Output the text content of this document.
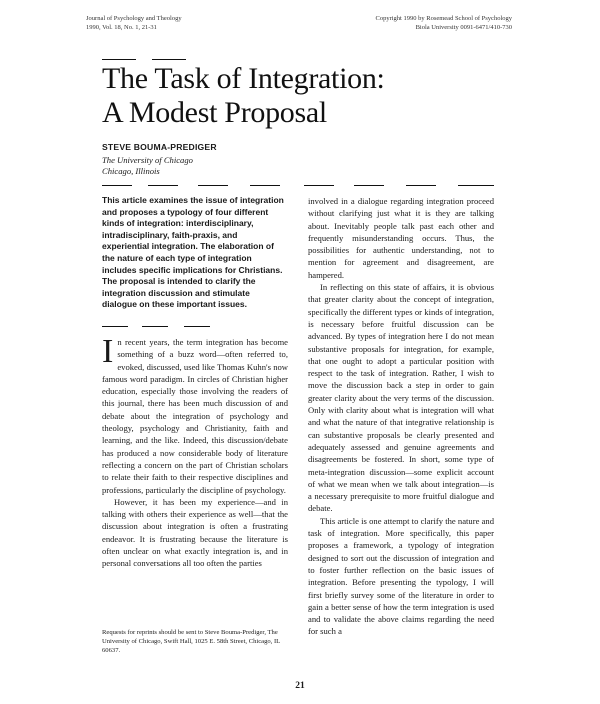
Journal of Psychology and Theology
1990, Vol. 18, No. 1, 21-31
Copyright 1990 by Rosemead School of Psychology
Biola University 0091-6471/410-730
The Task of Integration:
A Modest Proposal
STEVE BOUMA-PREDIGER
The University of Chicago
Chicago, Illinois
This article examines the issue of integration and proposes a typology of four different kinds of integration: interdisciplinary, intradisciplinary, faith-praxis, and experiential integration. The elaboration of the nature of each type of integration includes specific implications for Christians. The proposal is intended to clarify the integration discussion and stimulate dialogue on these important issues.

In recent years, the term integration has become something of a buzz word—often referred to, evoked, discussed, used like Thomas Kuhn's now famous word paradigm. In circles of Christian higher education, especially those involving the readers of this journal, there has been much discussion of and debate about the integration of psychology and theology, psychology and Christianity, faith and learning, and the like. Indeed, this discussion/debate has produced a now considerable body of literature reflecting a concern on the part of Christian scholars to relate their faith to their respective disciplines and professions, particularly the discipline of psychology.

However, it has been my experience—and in talking with others their experience as well—that the discussion about integration is often a frustrating endeavor. It is frustrating because the literature is often unclear on what exactly integration is, and in personal conversations all too often the parties

involved in a dialogue regarding integration proceed without clarifying just what it is they are talking about. Inevitably people talk past each other and frequently misunderstanding occurs. Thus, the possibilities for authentic understanding, not to mention for agreement and disagreement, are hampered.

In reflecting on this state of affairs, it is obvious that greater clarity about the concept of integration, specifically the different types or kinds of integration, is necessary before fruitful discussion can be advanced. By types of integration here I do not mean substantive proposals for integration, for example, that one ought to adopt a particular position with respect to the task of integration. Rather, I wish to move the discussion back a step in order to gain greater clarity about the very terms of the discussion. Only with clarity about what is integration will what and what the nature of that integrative relationship is can substantive proposals be clearly presented and adequately assessed and genuine agreements and disagreements be fostered. In short, some type of meta-integration discussion—some explicit account of what we mean when we talk about integration—is a necessary prerequisite to more fruitful dialogue and debate.

This article is one attempt to clarify the nature and task of integration. More specifically, this paper proposes a framework, a typology of integration designed to sort out the discussion of integration and to foster further reflection on the basic issues of integration. Before presenting the typology, I will first briefly survey some of the literature in order to gain a better sense of how the term integration is used and to validate the above claims regarding the need for such a

Requests for reprints should be sent to Steve Bouma-Prediger, The University of Chicago, Swift Hall, 1025 E. 58th Street, Chicago, IL 60637.
21
